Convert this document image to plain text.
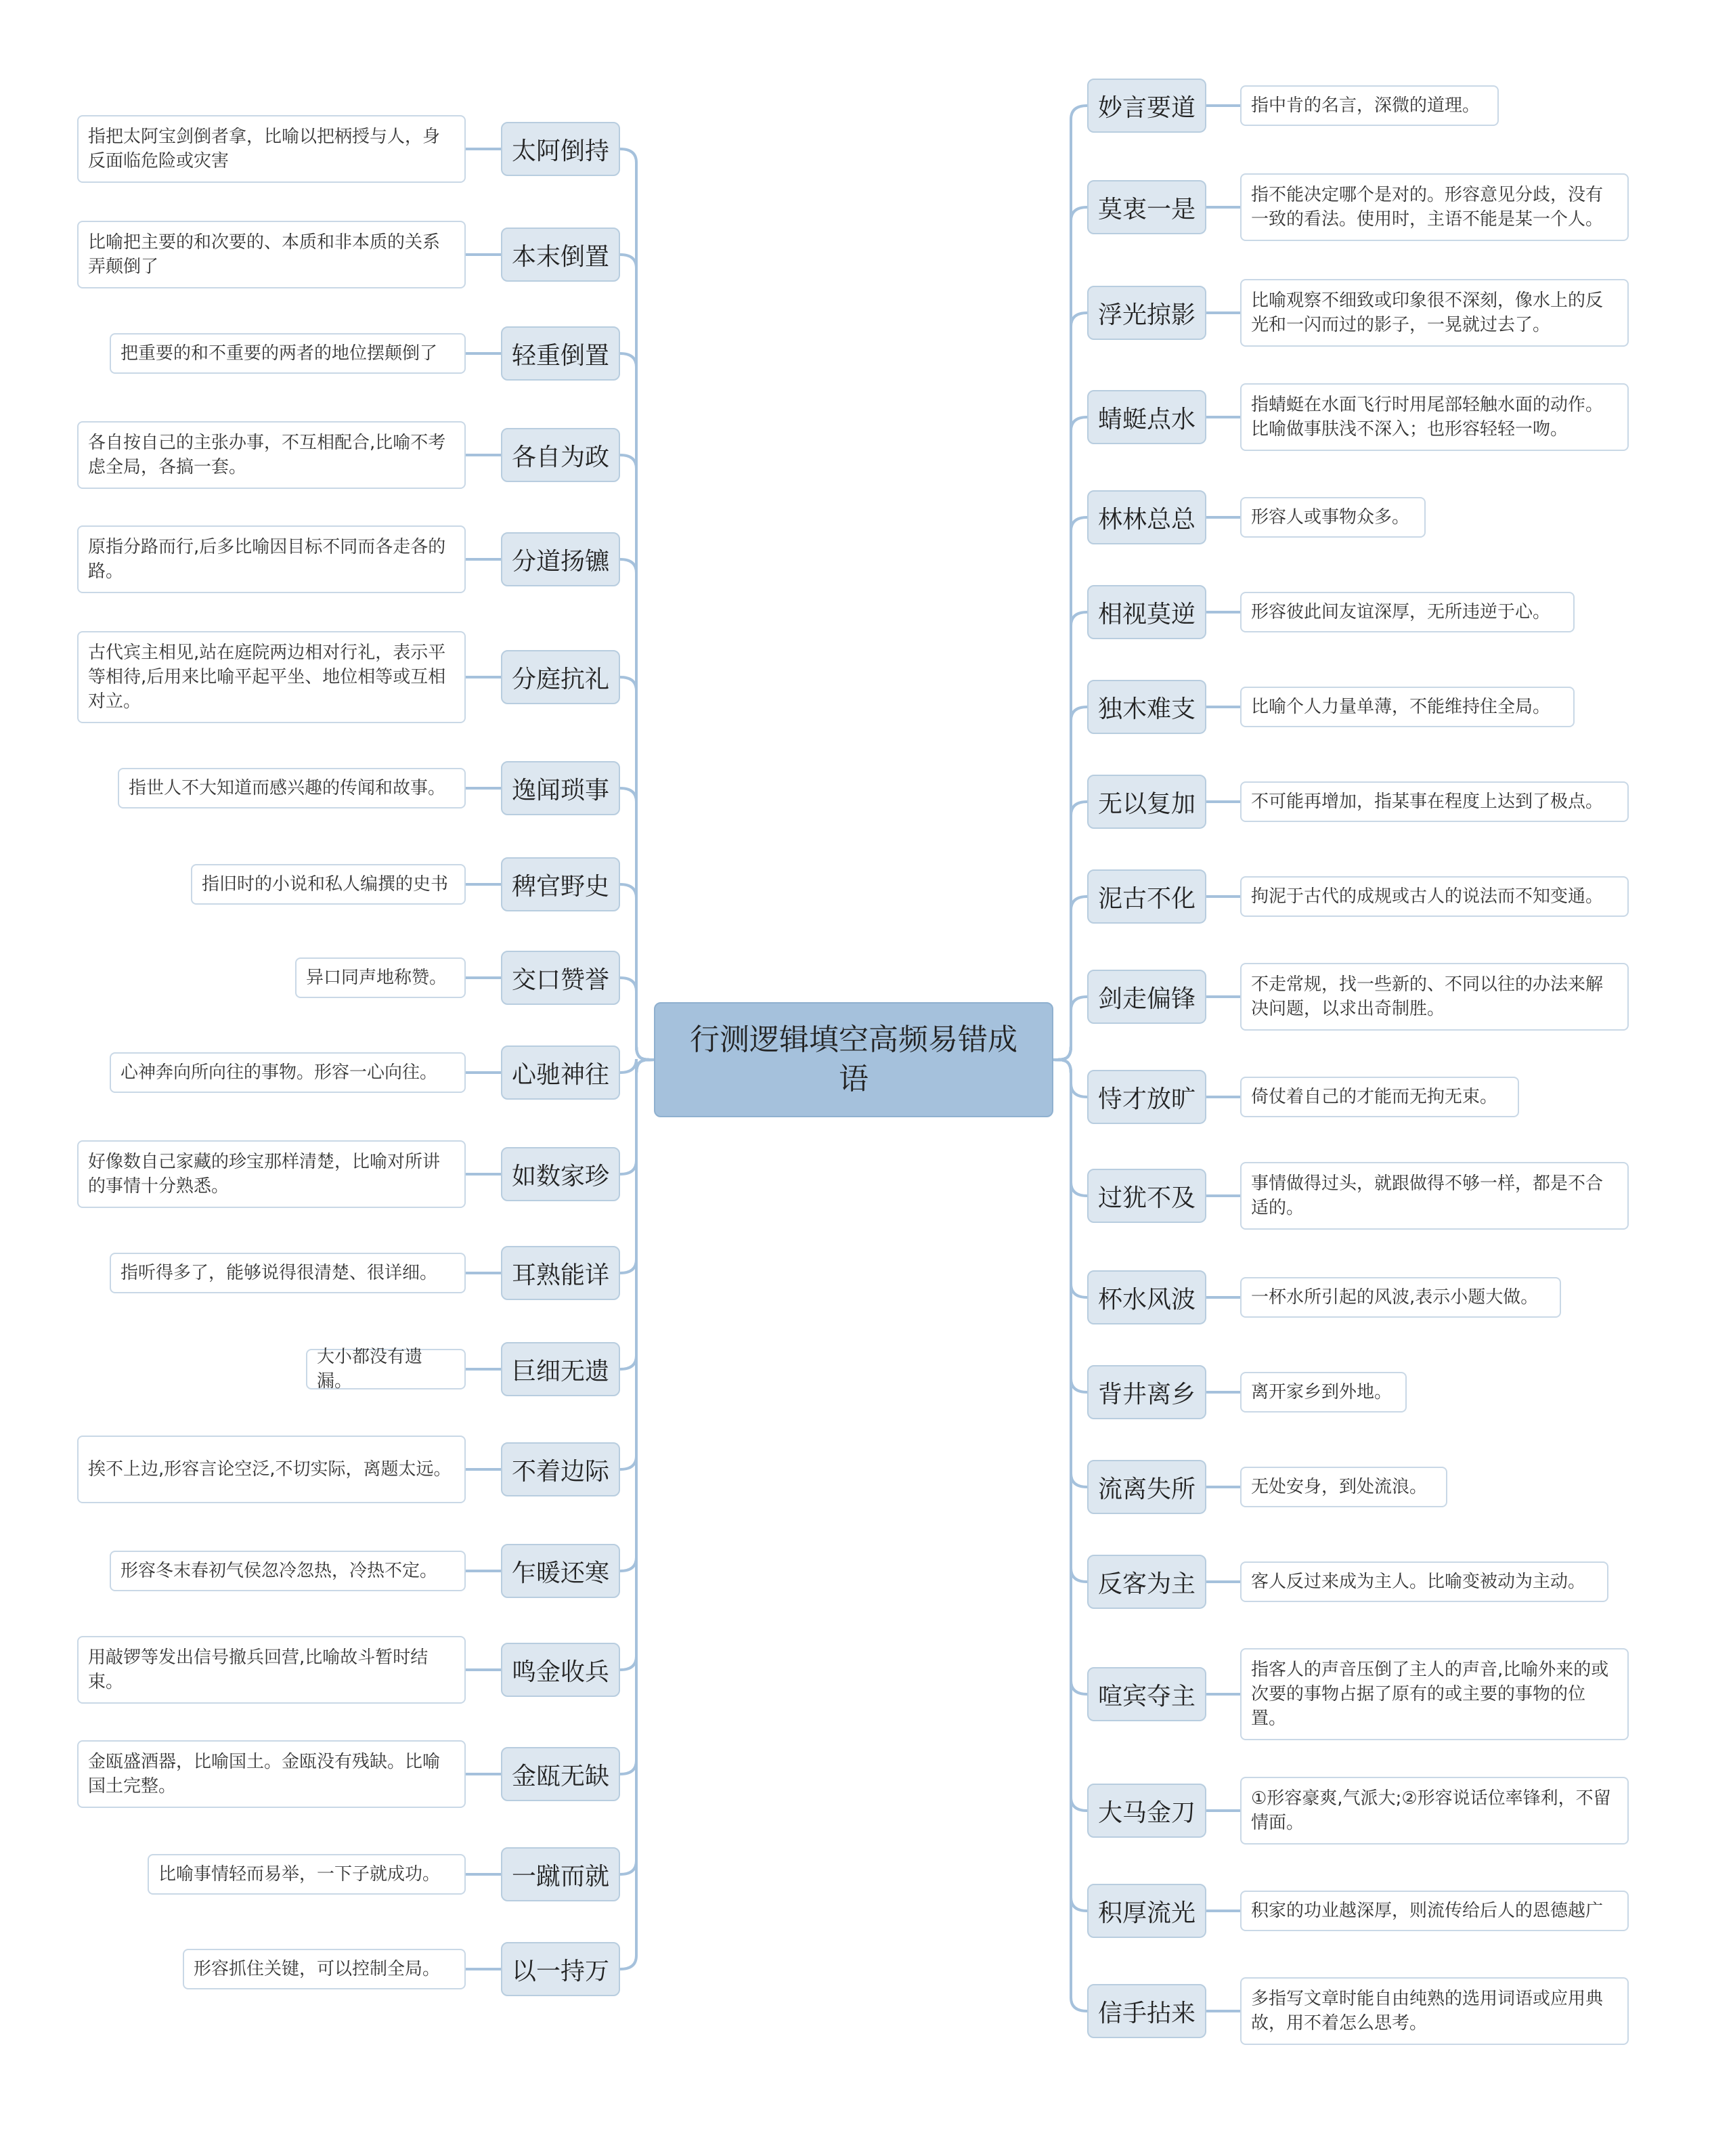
行测逻辑填空高频易错成语
太阿倒持
指把太阿宝剑倒者拿，比喻以把柄授与人，身反面临危险或灾害
本末倒置
比喻把主要的和次要的、本质和非本质的关系弄颠倒了
轻重倒置
把重要的和不重要的两者的地位摆颠倒了
各自为政
各自按自己的主张办事，不互相配合,比喻不考虑全局，各搞一套。
分道扬镳
原指分路而行,后多比喻因目标不同而各走各的路。
分庭抗礼
古代宾主相见,站在庭院两边相对行礼，表示平等相待,后用来比喻平起平坐、地位相等或互相对立。
逸闻琐事
指世人不大知道而感兴趣的传闻和故事。
稗官野史
指旧时的小说和私人编撰的史书
交口赞誉
异口同声地称赞。
心驰神往
心神奔向所向往的事物。形容一心向往。
如数家珍
好像数自己家藏的珍宝那样清楚，比喻对所讲的事情十分熟悉。
耳熟能详
指听得多了，能够说得很清楚、很详细。
巨细无遗
大小都没有遗漏。
不着边际
挨不上边,形容言论空泛,不切实际，离题太远。
乍暖还寒
形容冬末春初气侯忽冷忽热，冷热不定。
鸣金收兵
用敲锣等发出信号撤兵回营,比喻故斗暂时结束。
金瓯无缺
金瓯盛酒器，比喻国土。金瓯没有残缺。比喻国土完整。
一蹴而就
比喻事情轻而易举，一下子就成功。
以一持万
形容抓住关键，可以控制全局。
妙言要道	指中肯的名言，深微的道理。
莫衷一是
指不能决定哪个是对的。形容意见分歧，没有一致的看法。使用时，主语不能是某一个人。
浮光掠影
比喻观察不细致或印象很不深刻，像水上的反光和一闪而过的影子，一晃就过去了。
蜻蜓点水
指蜻蜓在水面飞行时用尾部轻触水面的动作。比喻做事肤浅不深入；也形容轻轻一吻。
林林总总	形容人或事物众多。
相视莫逆	形容彼此间友谊深厚，无所违逆于心。
独木难支	比喻个人力量单薄，不能维持住全局。
无以复加	不可能再增加，指某事在程度上达到了极点。
泥古不化	拘泥于古代的成规或古人的说法而不知变通。
剑走偏锋
不走常规，找一些新的、不同以往的办法来解决问题，以求出奇制胜。
恃才放旷	倚仗着自己的才能而无拘无束。
过犹不及
事情做得过头，就跟做得不够一样，都是不合适的。
杯水风波	一杯水所引起的风波,表示小题大做。
背井离乡	离开家乡到外地。
流离失所	无处安身，到处流浪。
反客为主	客人反过来成为主人。比喻变被动为主动。
喧宾夺主
指客人的声音压倒了主人的声音,比喻外来的或次要的事物占据了原有的或主要的事物的位置。
大马金刀
①形容豪爽,气派大;②形容说话位率锋利，不留情面。
积厚流光	积家的功业越深厚，则流传给后人的恩德越广
信手拈来
多指写文章时能自由纯熟的选用词语或应用典故，用不着怎么思考。
